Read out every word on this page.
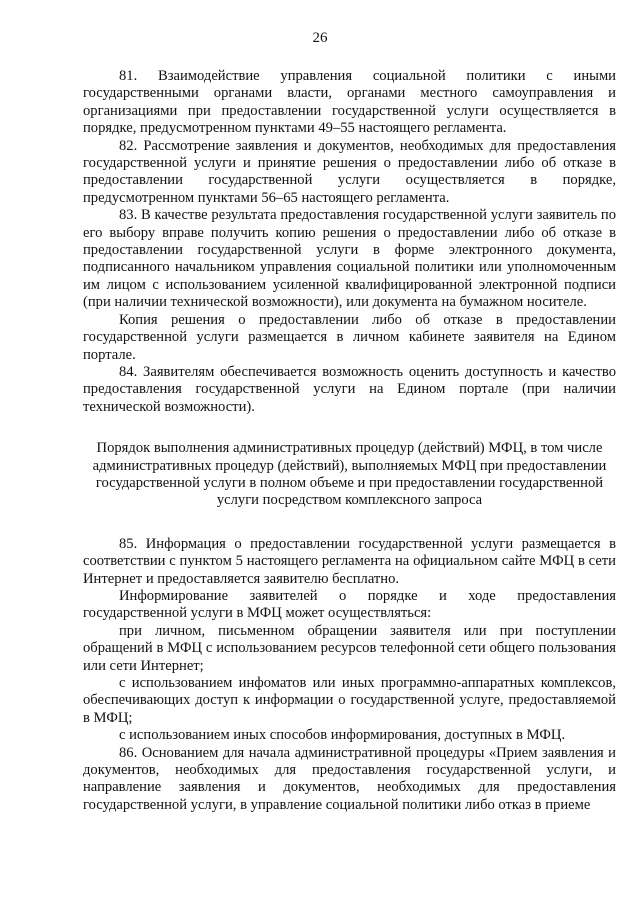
26

81. Взаимодействие управления социальной политики с иными государственными органами власти, органами местного самоуправления и организациями при предоставлении государственной услуги осуществляется в порядке, предусмотренном пунктами 49–55 настоящего регламента.

82. Рассмотрение заявления и документов, необходимых для предоставления государственной услуги и принятие решения о предоставлении либо об отказе в предоставлении государственной услуги осуществляется в порядке, предусмотренном пунктами 56–65 настоящего регламента.

83. В качестве результата предоставления государственной услуги заявитель по его выбору вправе получить копию решения о предоставлении либо об отказе в предоставлении государственной услуги в форме электронного документа, подписанного начальником управления социальной политики или уполномоченным им лицом с использованием усиленной квалифицированной электронной подписи (при наличии технической возможности), или документа на бумажном носителе.

Копия решения о предоставлении либо об отказе в предоставлении государственной услуги размещается в личном кабинете заявителя на Едином портале.

84. Заявителям обеспечивается возможность оценить доступность и качество предоставления государственной услуги на Едином портале (при наличии технической возможности).

Порядок выполнения административных процедур (действий) МФЦ, в том числе административных процедур (действий), выполняемых МФЦ при предоставлении государственной услуги в полном объеме и при предоставлении государственной услуги посредством комплексного запроса

85. Информация о предоставлении государственной услуги размещается в соответствии с пунктом 5 настоящего регламента на официальном сайте МФЦ в сети Интернет и предоставляется заявителю бесплатно.

Информирование заявителей о порядке и ходе предоставления государственной услуги в МФЦ может осуществляться:

при личном, письменном обращении заявителя или при поступлении обращений в МФЦ с использованием ресурсов телефонной сети общего пользования или сети Интернет;

с использованием инфоматов или иных программно-аппаратных комплексов, обеспечивающих доступ к информации о государственной услуге, предоставляемой в МФЦ;

с использованием иных способов информирования, доступных в МФЦ.

86. Основанием для начала административной процедуры «Прием заявления и документов, необходимых для предоставления государственной услуги, и направление заявления и документов, необходимых для предоставления государственной услуги, в управление социальной политики либо отказ в приеме
